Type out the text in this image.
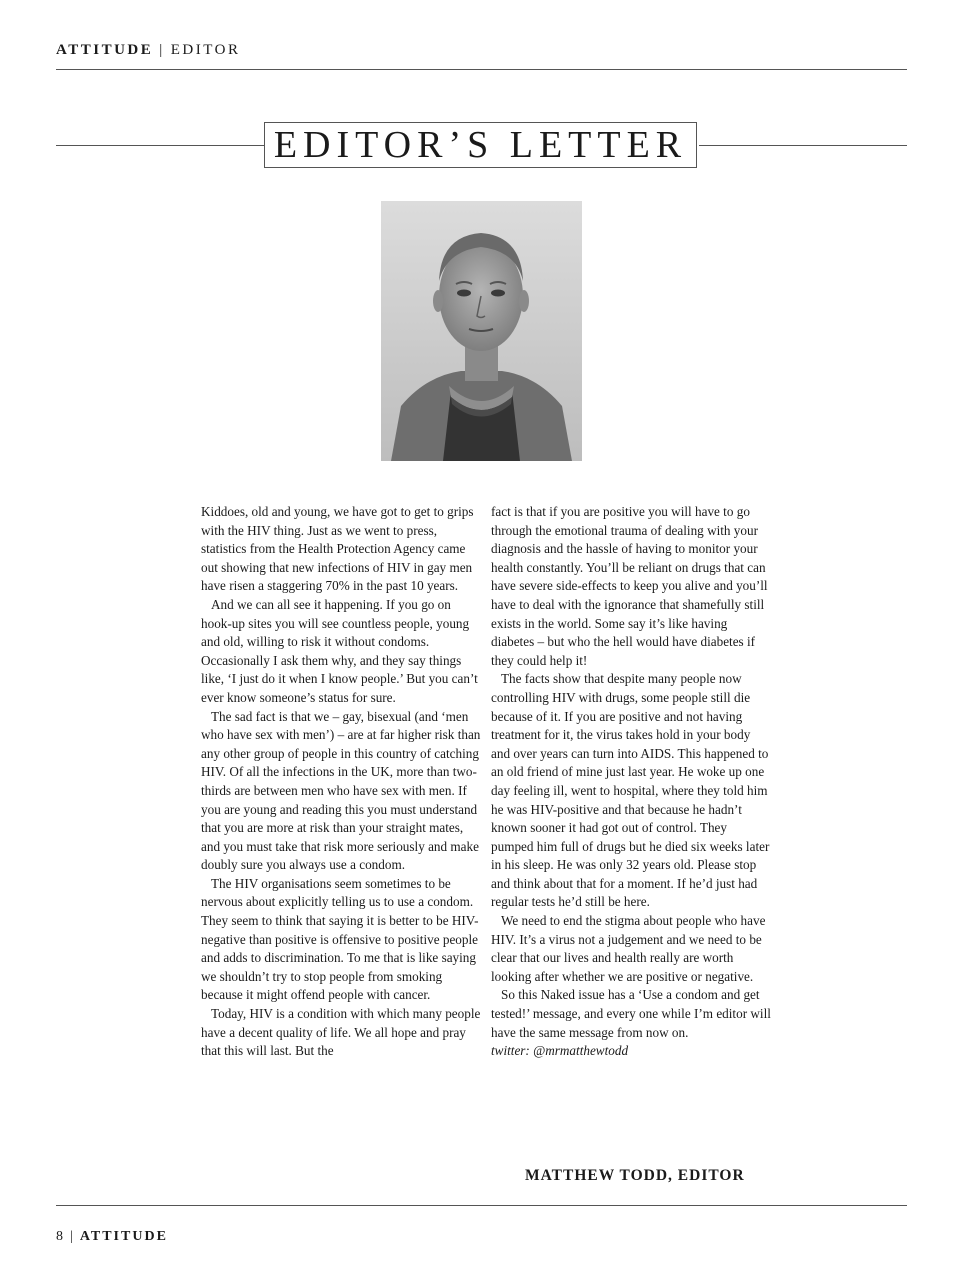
ATTITUDE | EDITOR
EDITOR’S LETTER

Kiddoes, old and young, we have got to get to grips with the HIV thing. Just as we went to press, statistics from the Health Protection Agency came out showing that new infections of HIV in gay men have risen a staggering 70% in the past 10 years.

And we can all see it happening. If you go on hook-up sites you will see countless people, young and old, willing to risk it without condoms. Occasionally I ask them why, and they say things like, ‘I just do it when I know people.’ But you can’t ever know someone’s status for sure.

The sad fact is that we – gay, bisexual (and ‘men who have sex with men’) – are at far higher risk than any other group of people in this country of catching HIV. Of all the infections in the UK, more than two-thirds are between men who have sex with men. If you are young and reading this you must understand that you are more at risk than your straight mates, and you must take that risk more seriously and make doubly sure you always use a condom.

The HIV organisations seem sometimes to be nervous about explicitly telling us to use a condom. They seem to think that saying it is better to be HIV-negative than positive is offensive to positive people and adds to discrimination. To me that is like saying we shouldn’t try to stop people from smoking because it might offend people with cancer.

Today, HIV is a condition with which many people have a decent quality of life. We all hope and pray that this will last. But the

fact is that if you are positive you will have to go through the emotional trauma of dealing with your diagnosis and the hassle of having to monitor your health constantly. You’ll be reliant on drugs that can have severe side-effects to keep you alive and you’ll have to deal with the ignorance that shamefully still exists in the world. Some say it’s like having diabetes – but who the hell would have diabetes if they could help it!

The facts show that despite many people now controlling HIV with drugs, some people still die because of it. If you are positive and not having treatment for it, the virus takes hold in your body and over years can turn into AIDS. This happened to an old friend of mine just last year. He woke up one day feeling ill, went to hospital, where they told him he was HIV-positive and that because he hadn’t known sooner it had got out of control. They pumped him full of drugs but he died six weeks later in his sleep. He was only 32 years old. Please stop and think about that for a moment. If he’d just had regular tests he’d still be here.

We need to end the stigma about people who have HIV. It’s a virus not a judgement and we need to be clear that our lives and health really are worth looking after whether we are positive or negative.

So this Naked issue has a ‘Use a condom and get tested!’ message, and every one while I’m editor will have the same message from now on.

twitter: @mrmatthewtodd

MATTHEW TODD, EDITOR
8 | ATTITUDE
